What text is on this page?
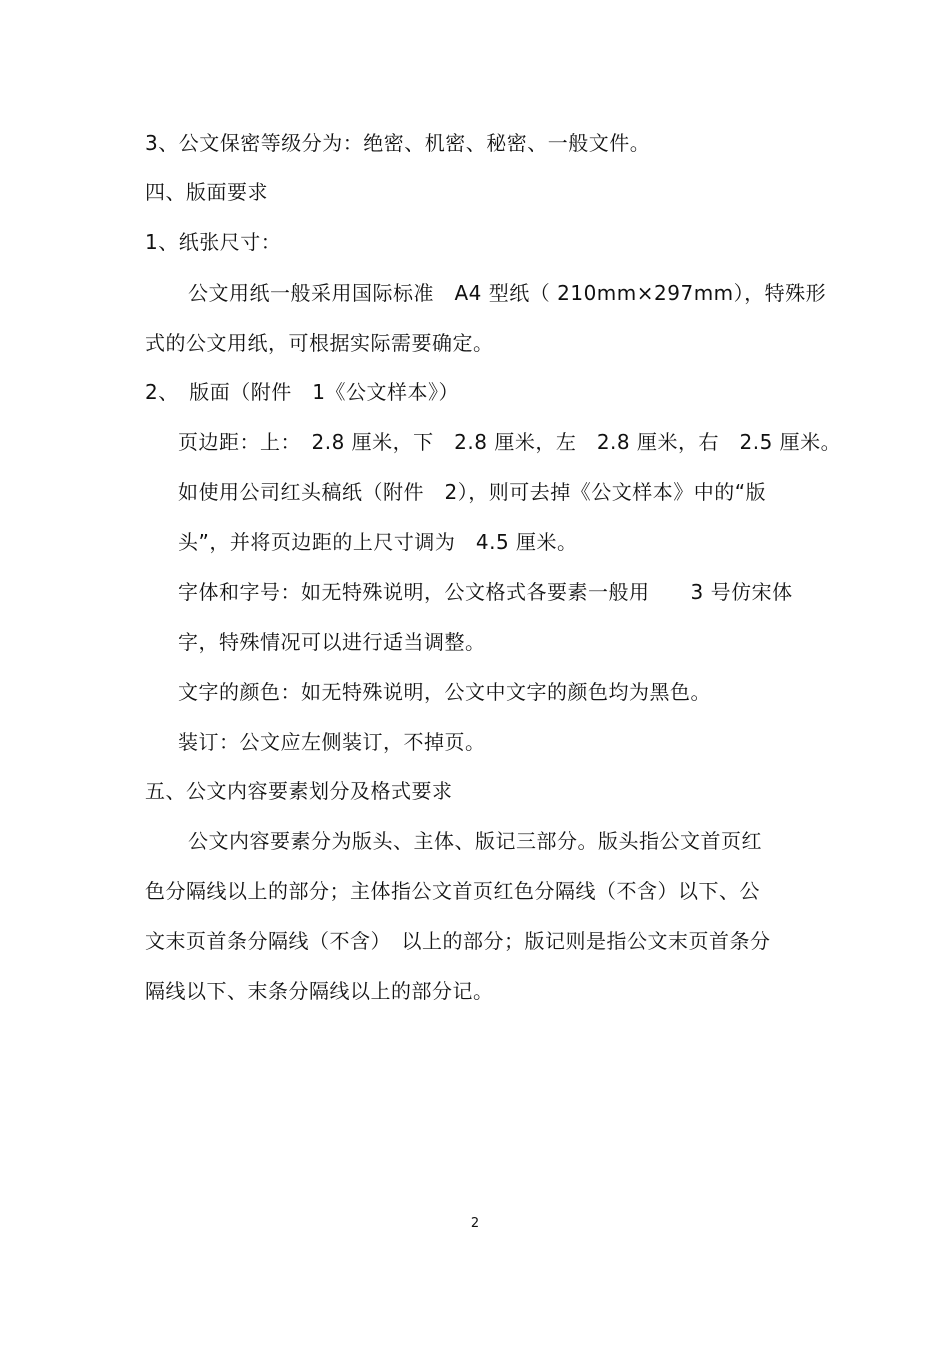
3、公文保密等级分为：绝密、机密、秘密、一般文件。
四、版面要求
1、纸张尺寸：
公文用纸一般采用国际标准　A4 型纸（ 210mm×297mm），特殊形
式的公文用纸，可根据实际需要确定。
2、　版面（附件　1《公文样本》）
页边距：上：　2.8 厘米，下　2.8 厘米，左　2.8 厘米，右　2.5 厘米。
如使用公司红头稿纸（附件　2），则可去掉《公文样本》中的“版
头”，并将页边距的上尺寸调为　4.5 厘米。
字体和字号：如无特殊说明，公文格式各要素一般用　　3 号仿宋体
字，特殊情况可以进行适当调整。
文字的颜色：如无特殊说明，公文中文字的颜色均为黑色。
装订：公文应左侧装订，不掉页。
五、公文内容要素划分及格式要求
公文内容要素分为版头、主体、版记三部分。版头指公文首页红
色分隔线以上的部分；主体指公文首页红色分隔线（不含）以下、公
文末页首条分隔线（不含）　以上的部分；版记则是指公文末页首条分
隔线以下、末条分隔线以上的部分记。
2
